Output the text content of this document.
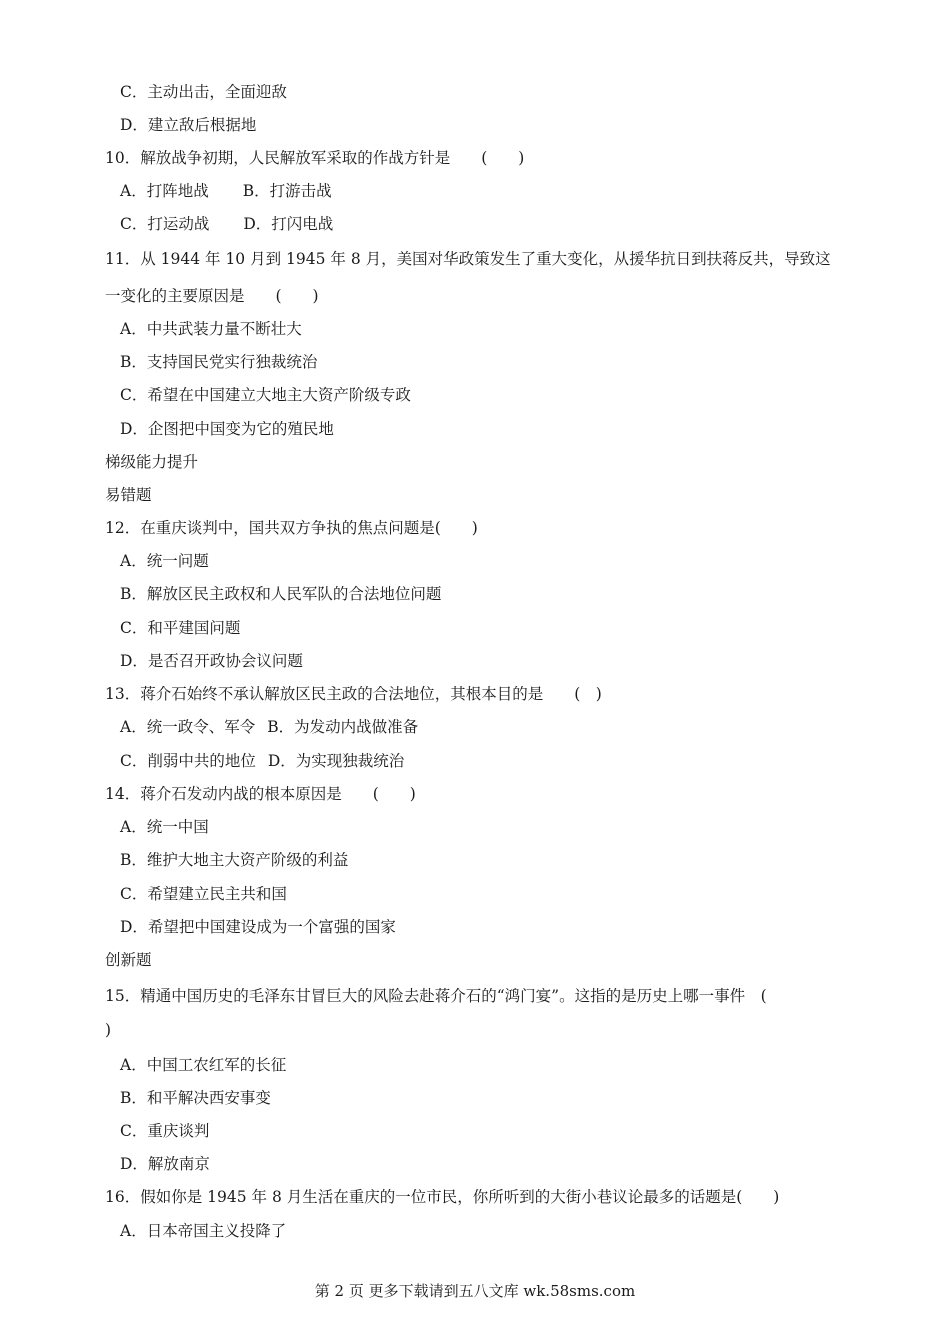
C．主动出击，全面迎敌
D．建立敌后根据地
10．解放战争初期，人民解放军采取的作战方针是　　(　　)
A．打阵地战 B．打游击战
C．打运动战 D．打闪电战
11．从 1944 年 10 月到 1945 年 8 月，美国对华政策发生了重大变化，从援华抗日到扶蒋反共，导致这
一变化的主要原因是　　(　　)
A．中共武装力量不断壮大
B．支持国民党实行独裁统治
C．希望在中国建立大地主大资产阶级专政
D．企图把中国变为它的殖民地
梯级能力提升
易错题
12．在重庆谈判中，国共双方争执的焦点问题是(　　)
A．统一问题
B．解放区民主政权和人民军队的合法地位问题
C．和平建国问题
D．是否召开政协会议问题
13．蒋介石始终不承认解放区民主政的合法地位，其根本目的是　　(　)
A．统一政令、军令 B．为发动内战做准备
C．削弱中共的地位 D．为实现独裁统治
14．蒋介石发动内战的根本原因是　　(　　)
A．统一中国
B．维护大地主大资产阶级的利益
C．希望建立民主共和国
D．希望把中国建设成为一个富强的国家
创新题
15．精通中国历史的毛泽东甘冒巨大的风险去赴蒋介石的“鸿门宴”。这指的是历史上哪一事件　(
)
A．中国工农红军的长征
B．和平解决西安事变
C．重庆谈判
D．解放南京
16．假如你是 1945 年 8 月生活在重庆的一位市民，你所听到的大街小巷议论最多的话题是(　　)
A．日本帝国主义投降了
第 2 页 更多下载请到五八文库 wk.58sms.com
